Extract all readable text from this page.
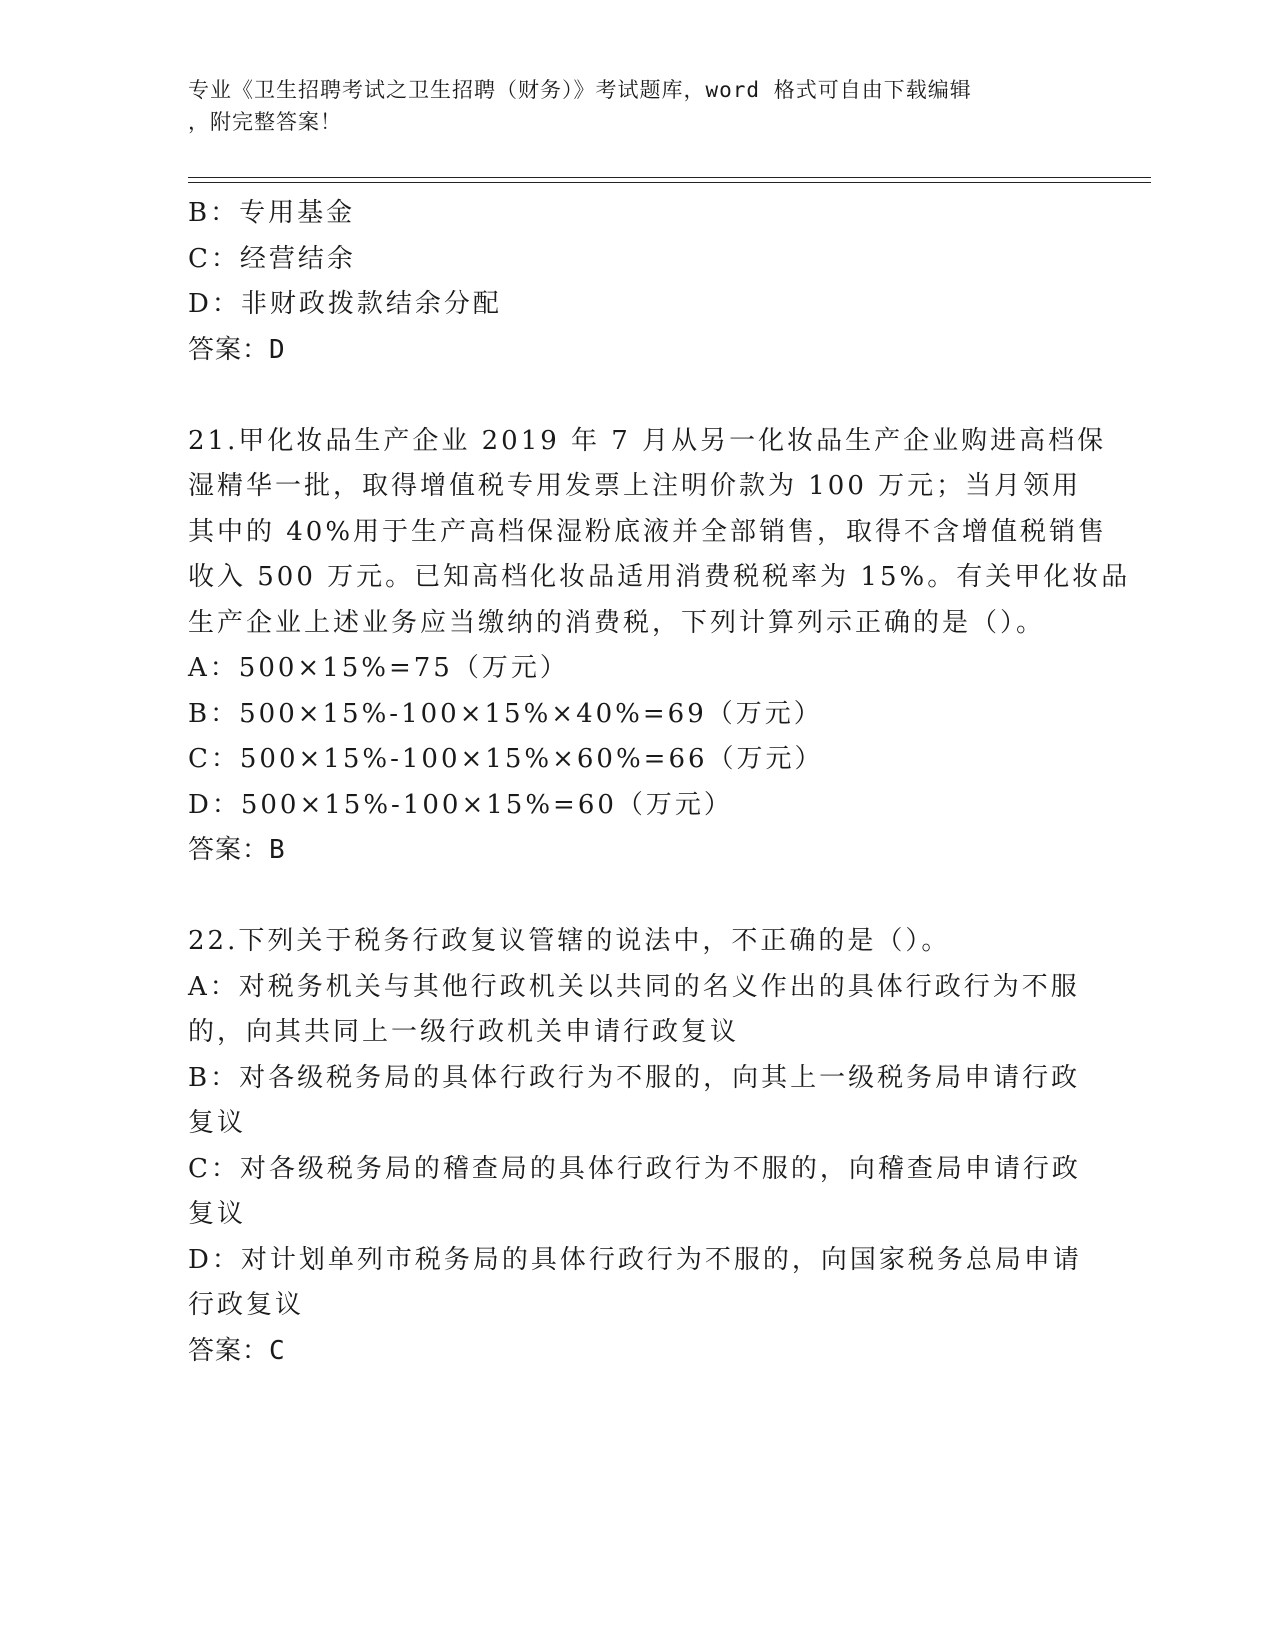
专业《卫生招聘考试之卫生招聘（财务）》考试题库，word 格式可自由下载编辑
，附完整答案！
B：专用基金
C：经营结余
D：非财政拨款结余分配
答案：D
21.甲化妆品生产企业 2019 年 7 月从另一化妆品生产企业购进高档保
湿精华一批，取得增值税专用发票上注明价款为 100 万元；当月领用
其中的 40%用于生产高档保湿粉底液并全部销售，取得不含增值税销售
收入 500 万元。已知高档化妆品适用消费税税率为 15%。有关甲化妆品
生产企业上述业务应当缴纳的消费税，下列计算列示正确的是（）。
A：500×15%=75（万元）
B：500×15%-100×15%×40%=69（万元）
C：500×15%-100×15%×60%=66（万元）
D：500×15%-100×15%=60（万元）
答案：B
22.下列关于税务行政复议管辖的说法中，不正确的是（）。
A：对税务机关与其他行政机关以共同的名义作出的具体行政行为不服
的，向其共同上一级行政机关申请行政复议
B：对各级税务局的具体行政行为不服的，向其上一级税务局申请行政
复议
C：对各级税务局的稽查局的具体行政行为不服的，向稽查局申请行政
复议
D：对计划单列市税务局的具体行政行为不服的，向国家税务总局申请
行政复议
答案：C
